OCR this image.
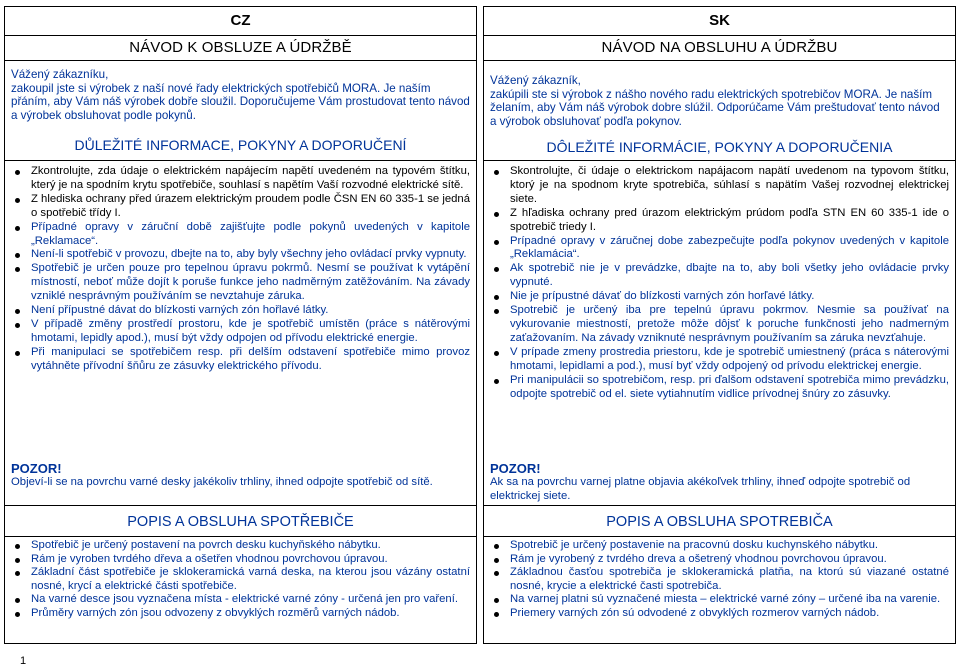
CZ
NÁVOD K OBSLUZE A ÚDRŽBĚ
Vážený zákazníku,
zakoupil jste si výrobek z naší nové řady elektrických spotřebičů MORA. Je naším přáním, aby Vám náš výrobek dobře sloužil. Doporučujeme Vám prostudovat tento návod a výrobek obsluhovat podle pokynů.
DŮLEŽITÉ INFORMACE, POKYNY A DOPORUČENÍ
Zkontrolujte, zda údaje o elektrickém napájecím napětí uvedeném na typovém štítku, který je na spodním krytu spotřebiče, souhlasí s napětím Vaší rozvodné elektrické sítě.
Z hlediska ochrany před úrazem elektrickým proudem podle ČSN EN 60 335-1 se jedná o spotřebič třídy I.
Případné opravy v záruční době zajišťujte podle pokynů uvedených v kapitole „Reklamace“.
Není-li spotřebič v provozu, dbejte na to, aby byly všechny jeho ovládací prvky vypnuty.
Spotřebič je určen pouze pro tepelnou úpravu pokrmů. Nesmí se používat k vytápění místností, neboť může dojít k poruše funkce jeho nadměrným zatěžováním. Na závady vzniklé nesprávným používáním se nevztahuje záruka.
Není přípustné dávat do blízkosti varných zón hořlavé látky.
V případě změny prostředí prostoru, kde je spotřebič umístěn (práce s nátěrovými hmotami, lepidly apod.), musí být vždy odpojen od přívodu elektrické energie.
Při manipulaci se spotřebičem resp. při delším odstavení spotřebiče mimo provoz vytáhněte přívodní šňůru ze zásuvky elektrického přívodu.
POZOR!
Objeví-li se na povrchu varné desky jakékoliv trhliny, ihned odpojte spotřebič od sítě.
POPIS A OBSLUHA SPOTŘEBIČE
Spotřebič je určený postavení na povrch desku kuchyňského nábytku.
Rám je vyroben tvrdého dřeva a ošetřen vhodnou povrchovou úpravou.
Základní část spotřebiče je sklokeramická varná deska, na kterou jsou vázány ostatní nosné, krycí a elektrické části spotřebiče.
Na varné desce jsou vyznačena místa - elektrické varné zóny - určená jen pro vaření.
Průměry varných zón jsou odvozeny z obvyklých rozměrů varných nádob.
SK
NÁVOD NA OBSLUHU A ÚDRŽBU
Vážený zákazník,
zakúpili ste si výrobok z nášho nového radu elektrických spotrebičov MORA. Je naším želaním, aby Vám náš výrobok dobre slúžil. Odporúčame Vám preštudovať tento návod a výrobok obsluhovať podľa pokynov.
DÔLEŽITÉ INFORMÁCIE, POKYNY A DOPORUČENIA
Skontrolujte, či údaje o elektrickom napájacom napätí uvedenom na typovom štítku, ktorý je na spodnom kryte spotrebiča, súhlasí s napätím Vašej rozvodnej elektrickej siete.
Z hľadiska ochrany pred úrazom elektrickým prúdom podľa STN EN 60 335-1 ide o spotrebič triedy I.
Prípadné opravy v záručnej dobe zabezpečujte podľa pokynov uvedených v kapitole „Reklamácia“.
Ak spotrebič nie je v prevádzke, dbajte na to, aby boli všetky jeho ovládacie prvky vypnuté.
Nie je prípustné dávať do blízkosti varných zón horľavé látky.
Spotrebič je určený iba pre tepelnú úpravu pokrmov. Nesmie sa používať na vykurovanie miestností, pretože môže dôjsť k poruche funkčnosti jeho nadmerným zaťažovaním. Na závady vzniknuté nesprávnym používaním sa záruka nevzťahuje.
V prípade zmeny prostredia priestoru, kde je spotrebič umiestnený (práca s náterovými hmotami, lepidlami a pod.), musí byť vždy odpojený od prívodu elektrickej energie.
Pri manipulácii so spotrebičom, resp. pri ďalšom odstavení spotrebiča mimo prevádzku, odpojte spotrebič od el. siete vytiahnutím vidlice prívodnej šnúry zo zásuvky.
POZOR!
Ak sa na povrchu varnej platne objavia akékoľvek trhliny, ihneď odpojte spotrebič od elektrickej siete.
POPIS A OBSLUHA SPOTREBIČA
Spotrebič je určený postavenie na pracovnú dosku kuchynského nábytku.
Rám je vyrobený z tvrdého dreva a ošetrený vhodnou povrchovou úpravou.
Základnou časťou spotrebiča je sklokeramická platňa, na ktorú sú viazané ostatné nosné, krycie a elektrické časti spotrebiča.
Na varnej platni sú vyznačené miesta – elektrické varné zóny – určené iba na varenie.
Priemery varných zón sú odvodené z obvyklých rozmerov varných nádob.
1
